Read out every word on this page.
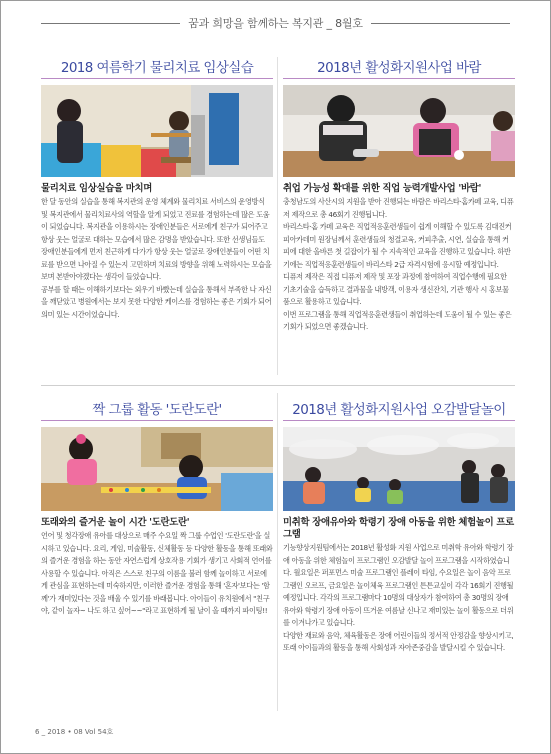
꿈과 희망을 함께하는 복지관 _ 8월호
2018 여름학기 물리치료 임상실습
물리치료 임상실습을 마치며

한 달 동안의 실습을 통해 복지관의 운영 체계와 물리치료 서비스의 운영방식 및 복지관에서 물리치료사의 역할을 알게 되었고 진료를 경험하는데 많은 도움이 되었습니다. 복지관을 이용하시는 장애인분들은 서로에게 친구가 되어주고 항상 웃는 얼굴로 대하는 모습에서 많은 감명을 받았습니다. 또한 선생님들도 장애인분들에게 먼저 친근하게 다가가 항상 웃는 얼굴로 장애인분들이 어떤 치료를 받으면 나아질 수 있는지 고민하며 치료의 방향을 위해 노력하시는 모습을 보며 본받아야겠다는 생각이 들었습니다.

공부를 할 때는 이해하기보다는 외우기 바빴는데 실습을 통해서 부족한 나 자신을 깨닫았고 병원에서는 보지 못한 다양한 케이스를 경험하는 좋은 기회가 되어 의미 있는 시간이었습니다.

2018년 활성화지원사업 바람
취업 가능성 확대를 위한 직업 능력개발사업 '바람'

충청남도의 사산시의 지원을 받아 진행되는 바람은 바리스타·홈카페 교육, 디퓨저 제작으로 총 46회기 진행됩니다.

바리스타·홈 카페 교육은 직업적응훈련생들이 쉽게 이해할 수 있도록 김대진커피아카데미 원장님께서 훈련생들의 청결교육, 커피추출, 시연, 실습을 통해 커피에 대한 올바른 첫 길잡이가 될 수 지속적인 교육을 진행하고 있습니다. 하반기에는 직업적응훈련생들이 바리스타 2급 자격시험에 응시할 예정입니다.

디퓨저 제작은 직접 디퓨저 제작 및 포장 과정에 참여하여 직업수행에 필요한 기초기술을 습득하고 결과물을 내방객, 이용자 생신잔치, 기관 행사 시 홍보물품으로 활용하고 있습니다.

이번 프로그램을 통해 직업적응훈련생들이 취업하는데 도움이 될 수 있는 좋은 기회가 되었으면 좋겠습니다.

짝 그룹 활동 '도란도란'
또래와의 즐거운 놀이 시간 '도란도란'

언어 및 청각장애 유아를 대상으로 매주 수요일 짝 그룹 수업인 '도란도란'을 실시하고 있습니다. 요리, 게임, 미술활동, 신체활동 등 다양한 활동을 통해 또래와의 즐거운 경험을 하는 동안 자연스럽게 상호작용 기회가 생기고 사회적 언어를 사용할 수 있습니다. 아직은 스스로 친구의 이름을 불러 함께 놀이하고 서로에게 관심을 표현하는데 미숙하지만, 이러한 즐거운 경험을 통해 '혼자'보다는 '함께'가 재미있다는 것을 배울 수 있기를 바래봅니다. 아이들이 유치원에서 "친구야, 같이 놀자~ 나도 하고 싶어~~"라고 표현하게 될 날이 올 때까지 파이팅!!

2018년 활성화지원사업 오감발달놀이
미취학 장애유아와 학령기 장애 아동을 위한 체험놀이 프로그램

기능향상지원팀에서는 2018년 활성화 지원 사업으로 미취학 유아와 학령기 장애 아동을 위한 체험놀이 프로그램인 오감발달 놀이 프로그램을 시작하였습니다. 월요일은 퍼포먼스 미술 프로그램인 플레이 타임, 수요일은 놀이 음악 프로그램인 오르프, 금요일은 놀이체육 프로그램인 튼튼교실이 각각 16회기 진행될 예정입니다. 각각의 프로그램마다 10명의 대상자가 참여하여 총 30명의 장애 유아와 학령기 장애 아동이 뜨거운 여름날 신나고 재미있는 놀이 활동으로 더위를 이겨나가고 있습니다.

다양한 재료와 음악, 체육활동은 장애 어린이들의 정서적 안정감을 향상시키고, 또래 아이들과의 활동을 통해 사회성과 자아존중감을 발달시킬 수 있습니다.

6 _ 2018 • 08 Vol 54호
